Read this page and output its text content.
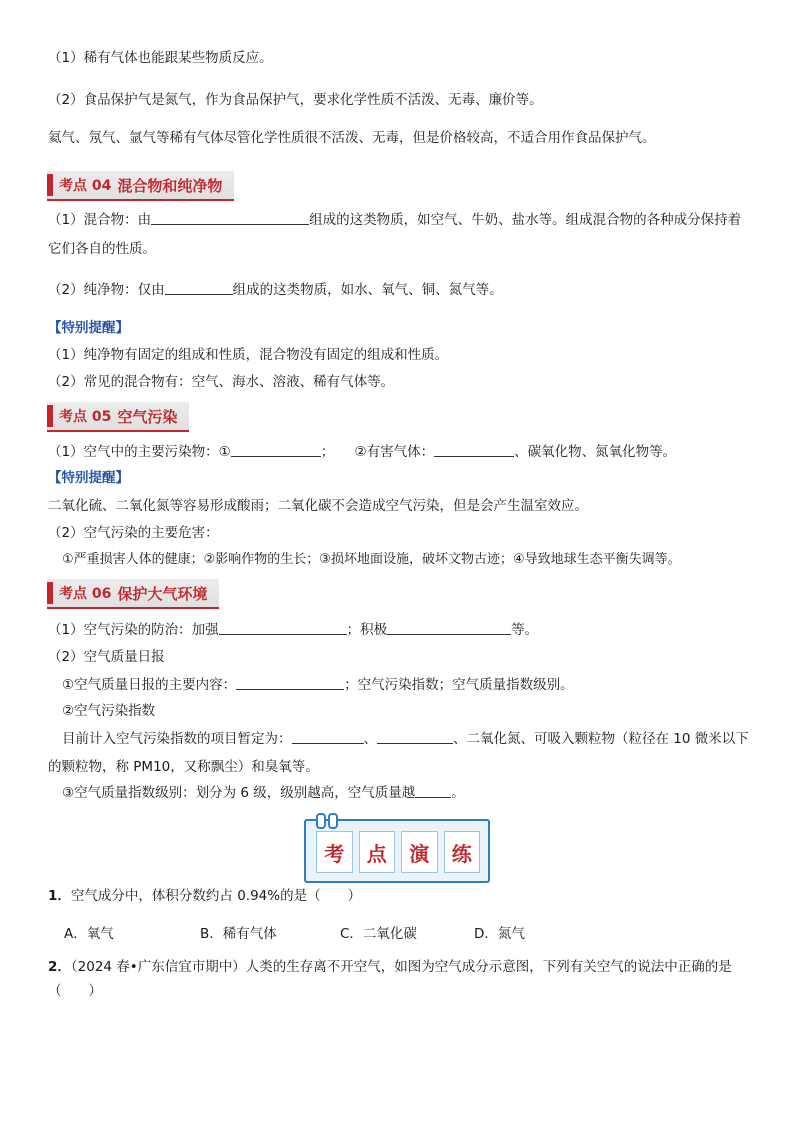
（1）稀有气体也能跟某些物质反应。
（2）食品保护气是氮气，作为食品保护气，要求化学性质不活泼、无毒、廉价等。
氦气、氖气、氩气等稀有气体尽管化学性质很不活泼、无毒，但是价格较高，不适合用作食品保护气。
考点 04 混合物和纯净物
（1）混合物：由	组成的这类物质，如空气、牛奶、盐水等。组成混合物的各种成分保持着它们各自的性质。
（2）纯净物：仅由	组成的这类物质，如水、氧气、铜、氮气等。
【特别提醒】
（1）纯净物有固定的组成和性质，混合物没有固定的组成和性质。
（2）常见的混合物有：空气、海水、溶液、稀有气体等。
考点 05 空气污染
（1）空气中的主要污染物：①	； ②有害气体：	、碳氧化物、氮氧化物等。
【特别提醒】
二氧化硫、二氧化氮等容易形成酸雨；二氧化碳不会造成空气污染，但是会产生温室效应。
（2）空气污染的主要危害：
①严重损害人体的健康；②影响作物的生长；③损坏地面设施，破坏文物古迹；④导致地球生态平衡失调等。
考点 06 保护大气环境
（1）空气污染的防治：加强	；积极	等。
（2）空气质量日报
①空气质量日报的主要内容：	；空气污染指数；空气质量指数级别。
②空气污染指数
目前计入空气污染指数的项目暂定为：	、	、二氧化氮、可吸入颗粒物（粒径在 10 微米以下的颗粒物，称 PM10，又称飘尘）和臭氧等。
③空气质量指数级别：划分为 6 级，级别越高，空气质量越	。
考	点	演	练
1．空气成分中，体积分数约占 0.94%的是（　　）
A．氧气	B．稀有气体	C．二氧化碳	D．氮气
2．（2024 春•广东信宜市期中）人类的生存离不开空气，如图为空气成分示意图，下列有关空气的说法中正确的是（　　）
